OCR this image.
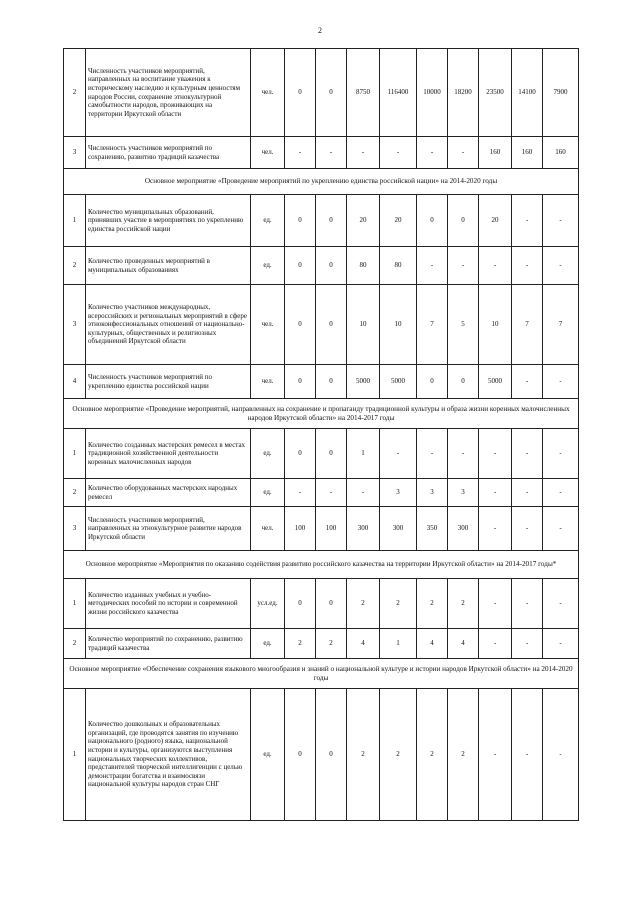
2
2	Численность участников мероприятий, направленных на воспитание уважения к историческому наследию и культурным ценностям народов России, сохранение этнокультурной самобытности народов, проживающих на территории Иркутской области	чел.	0	0	8750	116400	10000	18200	23500	14100	7900
3	Численность участников мероприятий по сохранению, развитию традиций казачества	чел.	-	-	-	-	-	-	160	160	160
Основное мероприятие «Проведение мероприятий по укреплению единства российской нации» на 2014-2020 годы											
1	Количество муниципальных образований, принявших участие в мероприятиях по укреплению единства российской нации	ед.	0	0	20	20	0	0	20	-	-
2	Количество проведенных мероприятий в муниципальных образованиях	ед.	0	0	80	80	-	-	-	-	-
3	Количество участников международных, всероссийских и региональных мероприятий в сфере этноконфессиональных отношений от национально-культурных, общественных и религиозных объединений Иркутской области	чел.	0	0	10	10	7	5	10	7	7
4	Численность участников мероприятий по укреплению единства российской нации	чел.	0	0	5000	5000	0	0	5000	-	-
Основное мероприятие «Проведение мероприятий, направленных на сохранение и пропаганду традиционной культуры и образа жизни коренных малочисленных народов Иркутской области» на 2014-2017 годы											
1	Количество созданных мастерских ремесел в местах традиционной хозяйственной деятельности коренных малочисленных народов	ед.	0	0	1	-	-	-	-	-	-
2	Количество оборудованных мастерских народных ремесел	ед.	-	-	-	3	3	3	-	-	-
3	Численность участников мероприятий, направленных на этнокультурное развитие народов Иркутской области	чел.	100	100	300	300	350	300	-	-	-
Основное мероприятие «Мероприятия по оказанию содействия развитию российского казачества на территории Иркутской области» на 2014-2017 годы*											
1	Количество изданных учебных и учебно-методических пособий по истории и современной жизни российского казачества	усл.ед.	0	0	2	2	2	2	-	-	-
2	Количество мероприятий по сохранению, развитию традиций казачества	ед.	2	2	4	1	4	4	-	-	-
Основное мероприятие «Обеспечение сохранения языкового многообразия и знаний о национальной культуре и истории народов Иркутской области» на 2014-2020 годы											
1	Количество дошкольных и образовательных организаций, где проводятся занятия по изучению национального (родного) языка, национальной истории и культуры, организуются выступления национальных творческих коллективов, представителей творческой интеллигенции с целью демонстрации богатства и взаимосвязи национальной культуры народов стран СНГ	ед.	0	0	2	2	2	2	-	-	-
